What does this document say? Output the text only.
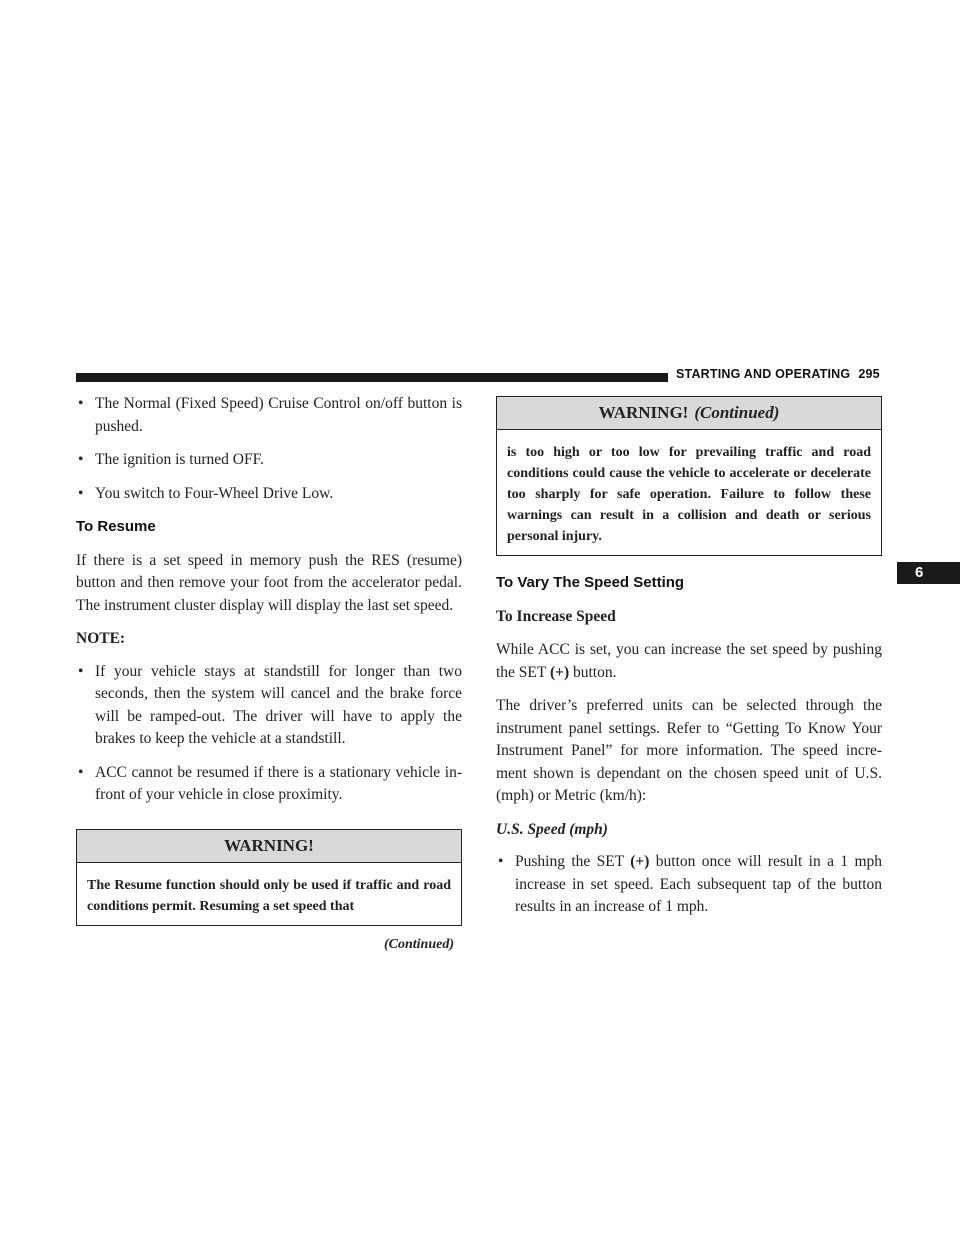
STARTING AND OPERATING 295
6
• The Normal (Fixed Speed) Cruise Control on/off button is pushed.
• The ignition is turned OFF.
• You switch to Four-Wheel Drive Low.
To Resume

If there is a set speed in memory push the RES (resume) button and then remove your foot from the accelerator pedal. The instrument cluster display will display the last set speed.

NOTE:
• If your vehicle stays at standstill for longer than two seconds, then the system will cancel and the brake force will be ramped-out. The driver will have to apply the brakes to keep the vehicle at a standstill.
• ACC cannot be resumed if there is a stationary vehicle in-front of your vehicle in close proximity.
WARNING!
The Resume function should only be used if traffic and road conditions permit. Resuming a set speed that
(Continued)
WARNING! (Continued)
is too high or too low for prevailing traffic and road conditions could cause the vehicle to accelerate or decelerate too sharply for safe operation. Failure to follow these warnings can result in a collision and death or serious personal injury.
To Vary The Speed Setting
To Increase Speed

While ACC is set, you can increase the set speed by pushing the SET (+) button.

The driver’s preferred units can be selected through the instrument panel settings. Refer to “Getting To Know Your Instrument Panel” for more information. The speed incre- ment shown is dependant on the chosen speed unit of U.S. (mph) or Metric (km/h):

U.S. Speed (mph)
• Pushing the SET (+) button once will result in a 1 mph increase in set speed. Each subsequent tap of the button results in an increase of 1 mph.
